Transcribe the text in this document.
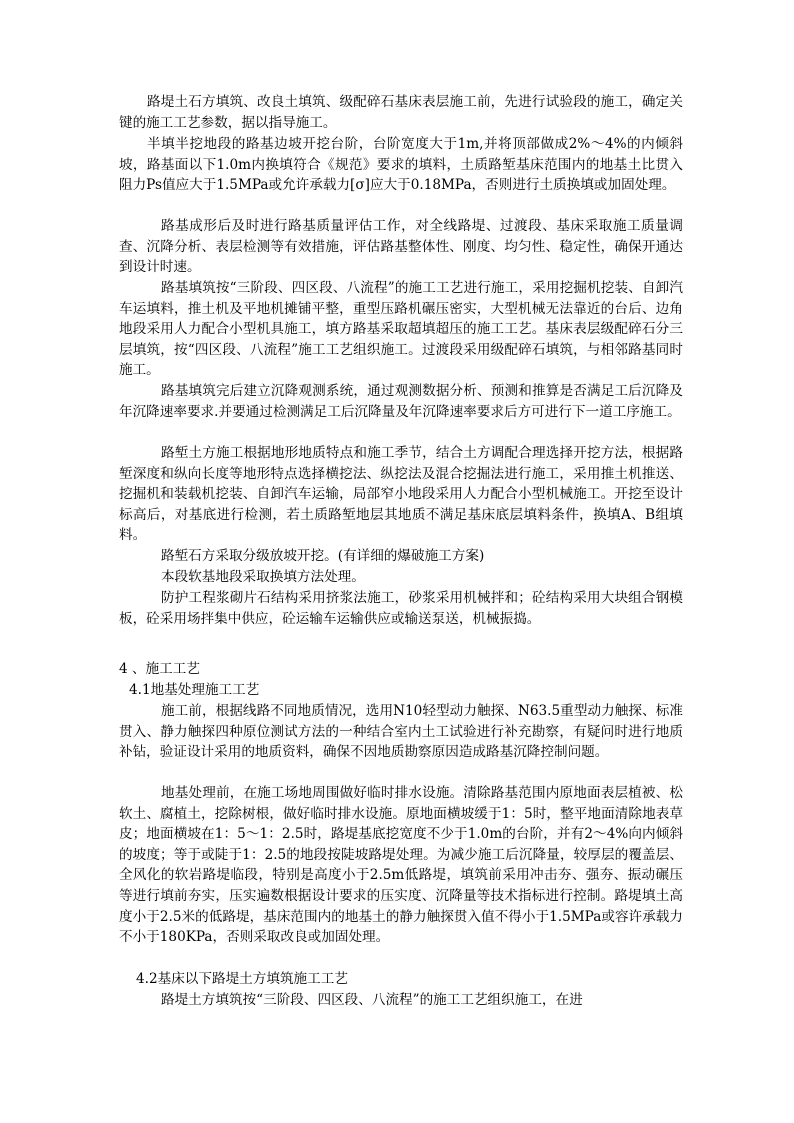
路堤土石方填筑、改良土填筑、级配碎石基床表层施工前，先进行试验段的施工，确定关键的施工工艺参数，据以指导施工。
半填半挖地段的路基边坡开挖台阶，台阶宽度大于1m,并将顶部做成2%～4%的内倾斜坡，路基面以下1.0m内换填符合《规范》要求的填料，土质路堑基床范围内的地基土比贯入阻力Ps值应大于1.5MPa或允许承载力[σ]应大于0.18MPa，否则进行土质换填或加固处理。
路基成形后及时进行路基质量评估工作，对全线路堤、过渡段、基床采取施工质量调查、沉降分析、表层检测等有效措施，评估路基整体性、刚度、均匀性、稳定性，确保开通达到设计时速。
路基填筑按“三阶段、四区段、八流程”的施工工艺进行施工，采用挖掘机挖装、自卸汽车运填料，推土机及平地机摊铺平整，重型压路机碾压密实，大型机械无法靠近的台后、边角地段采用人力配合小型机具施工，填方路基采取超填超压的施工工艺。基床表层级配碎石分三层填筑，按“四区段、八流程”施工工艺组织施工。过渡段采用级配碎石填筑，与相邻路基同时施工。
路基填筑完后建立沉降观测系统，通过观测数据分析、预测和推算是否满足工后沉降及年沉降速率要求.并要通过检测满足工后沉降量及年沉降速率要求后方可进行下一道工序施工。
路堑土方施工根据地形地质特点和施工季节，结合土方调配合理选择开挖方法，根据路堑深度和纵向长度等地形特点选择横挖法、纵挖法及混合挖掘法进行施工，采用推土机推送、挖掘机和装载机挖装、自卸汽车运输，局部窄小地段采用人力配合小型机械施工。开挖至设计标高后，对基底进行检测，若土质路堑地层其地质不满足基床底层填料条件，换填A、B组填料。
路堑石方采取分级放坡开挖。(有详细的爆破施工方案)
本段软基地段采取换填方法处理。
防护工程浆砌片石结构采用挤浆法施工，砂浆采用机械拌和；砼结构采用大块组合钢模板，砼采用场拌集中供应，砼运输车运输供应或输送泵送，机械振捣。
4 、施工工艺
4.1地基处理施工工艺
施工前，根据线路不同地质情况，选用N10轻型动力触探、N63.5重型动力触探、标准贯入、静力触探四种原位测试方法的一种结合室内土工试验进行补充勘察，有疑问时进行地质补钻，验证设计采用的地质资料，确保不因地质勘察原因造成路基沉降控制问题。
地基处理前，在施工场地周围做好临时排水设施。清除路基范围内原地面表层植被、松软土、腐植土，挖除树根，做好临时排水设施。原地面横坡缓于1：5时，整平地面清除地表草皮；地面横坡在1：5～1：2.5时，路堤基底挖宽度不少于1.0m的台阶，并有2～4%向内倾斜的坡度；等于或陡于1：2.5的地段按陡坡路堤处理。为减少施工后沉降量，较厚层的覆盖层、全风化的软岩路堤临段，特别是高度小于2.5m低路堤，填筑前采用冲击夯、强夯、振动碾压等进行填前夯实，压实遍数根据设计要求的压实度、沉降量等技术指标进行控制。路堤填土高度小于2.5米的低路堤，基床范围内的地基土的静力触探贯入值不得小于1.5MPa或容许承载力不小于180KPa，否则采取改良或加固处理。
4.2基床以下路堤土方填筑施工工艺
路堤土方填筑按“三阶段、四区段、八流程”的施工工艺组织施工，在进
